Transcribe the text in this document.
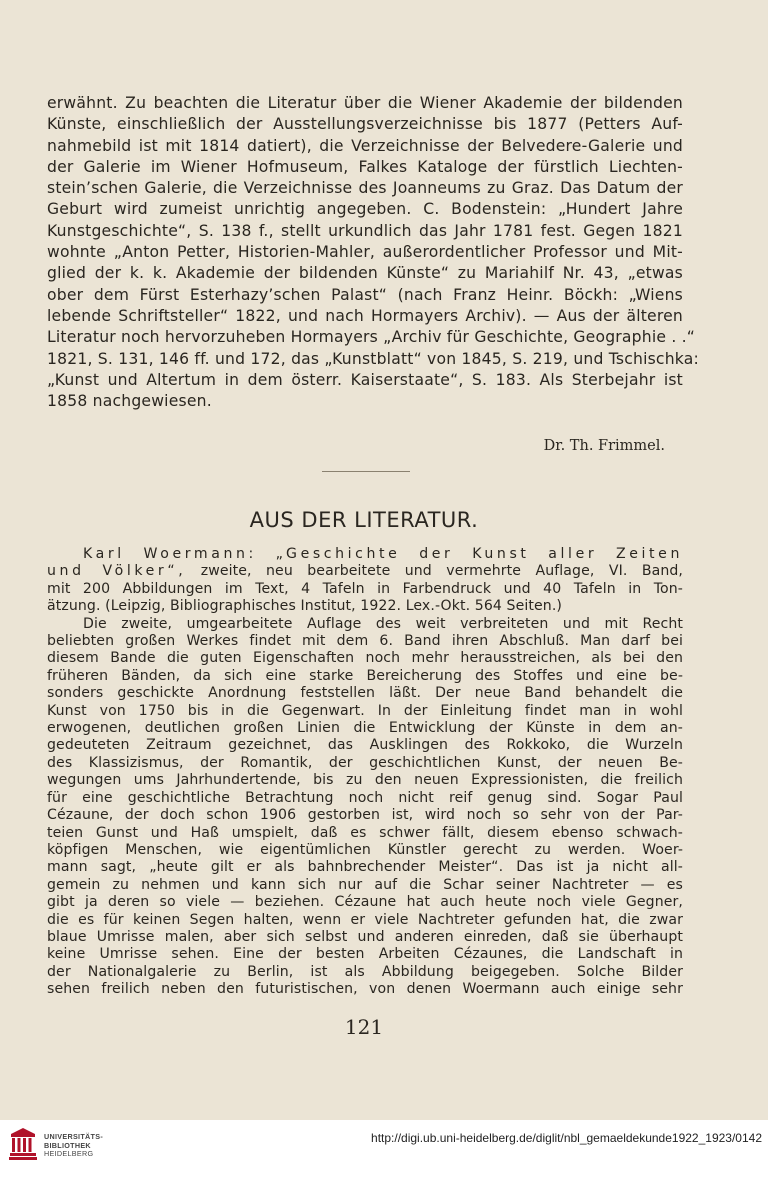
erwähnt. Zu beachten die Literatur über die Wiener Akademie der bildenden
Künste, einschließlich der Ausstellungsverzeichnisse bis 1877 (Petters Auf-
nahmebild ist mit 1814 datiert), die Verzeichnisse der Belvedere-Galerie und
der Galerie im Wiener Hofmuseum, Falkes Kataloge der fürstlich Liechten-
stein’schen Galerie, die Verzeichnisse des Joanneums zu Graz. Das Datum der
Geburt wird zumeist unrichtig angegeben. C. Bodenstein: „Hundert Jahre
Kunstgeschichte“, S. 138 f., stellt urkundlich das Jahr 1781 fest. Gegen 1821
wohnte „Anton Petter, Historien-Mahler, außerordentlicher Professor und Mit-
glied der k. k. Akademie der bildenden Künste“ zu Mariahilf Nr. 43, „etwas
ober dem Fürst Esterhazy’schen Palast“ (nach Franz Heinr. Böckh: „Wiens
lebende Schriftsteller“ 1822, und nach Hormayers Archiv). — Aus der älteren
Literatur noch hervorzuheben Hormayers „Archiv für Geschichte, Geographie . .“
1821, S. 131, 146 ff. und 172, das „Kunstblatt“ von 1845, S. 219, und Tschischka:
„Kunst und Altertum in dem österr. Kaiserstaate“, S. 183. Als Sterbejahr ist
1858 nachgewiesen.
Dr. Th. Frimmel.
AUS DER LITERATUR.
Karl Woermann: „Geschichte der Kunst aller Zeiten
und Völker“, zweite, neu bearbeitete und vermehrte Auflage, VI. Band,
mit 200 Abbildungen im Text, 4 Tafeln in Farbendruck und 40 Tafeln in Ton-
ätzung. (Leipzig, Bibliographisches Institut, 1922. Lex.-Okt. 564 Seiten.)
Die zweite, umgearbeitete Auflage des weit verbreiteten und mit Recht
beliebten großen Werkes findet mit dem 6. Band ihren Abschluß. Man darf bei
diesem Bande die guten Eigenschaften noch mehr herausstreichen, als bei den
früheren Bänden, da sich eine starke Bereicherung des Stoffes und eine be-
sonders geschickte Anordnung feststellen läßt. Der neue Band behandelt die
Kunst von 1750 bis in die Gegenwart. In der Einleitung findet man in wohl
erwogenen, deutlichen großen Linien die Entwicklung der Künste in dem an-
gedeuteten Zeitraum gezeichnet, das Ausklingen des Rokkoko, die Wurzeln
des Klassizismus, der Romantik, der geschichtlichen Kunst, der neuen Be-
wegungen ums Jahrhundertende, bis zu den neuen Expressionisten, die freilich
für eine geschichtliche Betrachtung noch nicht reif genug sind. Sogar Paul
Cézaune, der doch schon 1906 gestorben ist, wird noch so sehr von der Par-
teien Gunst und Haß umspielt, daß es schwer fällt, diesem ebenso schwach-
köpfigen Menschen, wie eigentümlichen Künstler gerecht zu werden. Woer-
mann sagt, „heute gilt er als bahnbrechender Meister“. Das ist ja nicht all-
gemein zu nehmen und kann sich nur auf die Schar seiner Nachtreter — es
gibt ja deren so viele — beziehen. Cézaune hat auch heute noch viele Gegner,
die es für keinen Segen halten, wenn er viele Nachtreter gefunden hat, die zwar
blaue Umrisse malen, aber sich selbst und anderen einreden, daß sie überhaupt
keine Umrisse sehen. Eine der besten Arbeiten Cézaunes, die Landschaft in
der Nationalgalerie zu Berlin, ist als Abbildung beigegeben. Solche Bilder
sehen freilich neben den futuristischen, von denen Woermann auch einige sehr
121
UNIVERSITÄTS-
BIBLIOTHEK
HEIDELBERG
http://digi.ub.uni-heidelberg.de/diglit/nbl_gemaeldekunde1922_1923/0142
